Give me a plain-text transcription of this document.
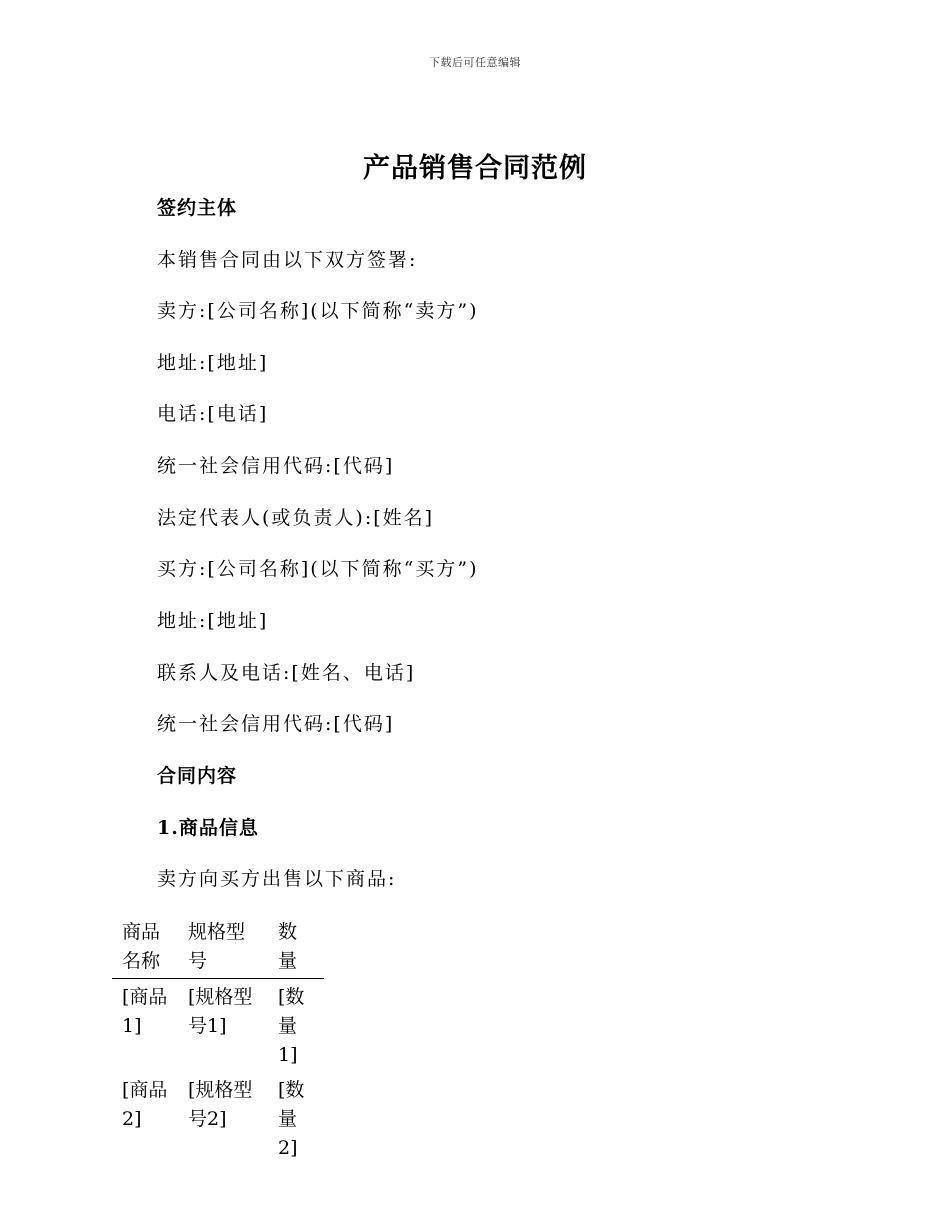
下载后可任意编辑
产品销售合同范例
签约主体
本销售合同由以下双方签署:
卖方:[公司名称](以下简称“卖方”)
地址:[地址]
电话:[电话]
统一社会信用代码:[代码]
法定代表人(或负责人):[姓名]
买方:[公司名称](以下简称“买方”)
地址:[地址]
联系人及电话:[姓名、电话]
统一社会信用代码:[代码]
合同内容
1.商品信息
卖方向买方出售以下商品:
商品名称	规格型号	数量
[商品1]	[规格型号1]	[数量1]
[商品2]	[规格型号2]	[数量2]
